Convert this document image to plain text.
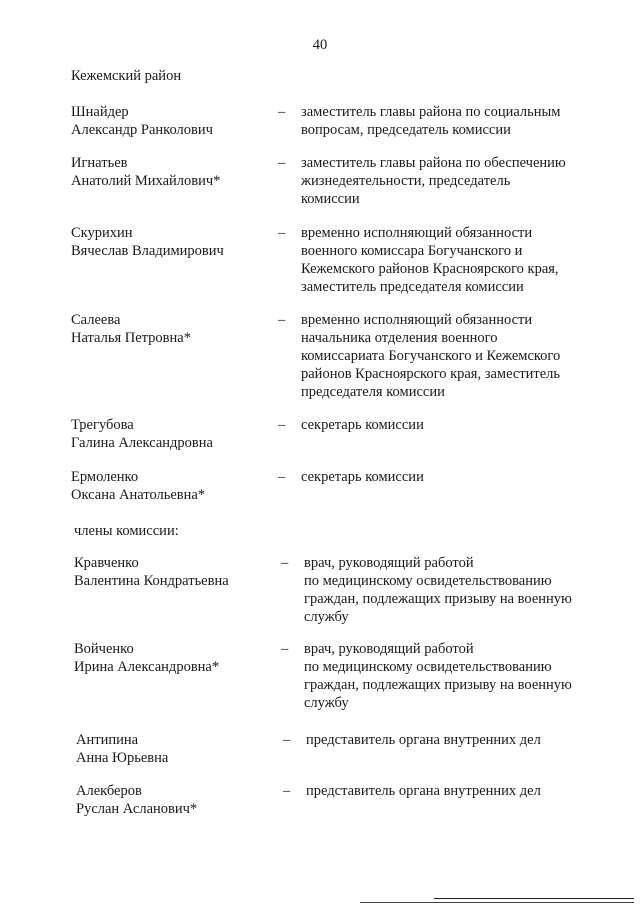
40
Кежемский район
Шнайдер
Александр Ранколович
– заместитель главы района по социальным
вопросам, председатель комиссии
Игнатьев
Анатолий Михайлович*
– заместитель главы района по обеспечению
жизнедеятельности, председатель
комиссии
Скурихин
Вячеслав Владимирович
– временно исполняющий обязанности
военного комиссара Богучанского и
Кежемского районов Красноярского края,
заместитель председателя комиссии
Салеева
Наталья Петровна*
– временно исполняющий обязанности
начальника отделения военного
комиссариата Богучанского и Кежемского
районов Красноярского края, заместитель
председателя комиссии
Трегубова
Галина Александровна
– секретарь комиссии
Ермоленко
Оксана Анатольевна*
– секретарь комиссии
члены комиссии:
Кравченко
Валентина Кондратьевна
– врач, руководящий работой
по медицинскому освидетельствованию
граждан, подлежащих призыву на военную
службу
Войченко
Ирина Александровна*
– врач, руководящий работой
по медицинскому освидетельствованию
граждан, подлежащих призыву на военную
службу
Антипина
Анна Юрьевна
– представитель органа внутренних дел
Алекберов
Руслан Асланович*
– представитель органа внутренних дел
